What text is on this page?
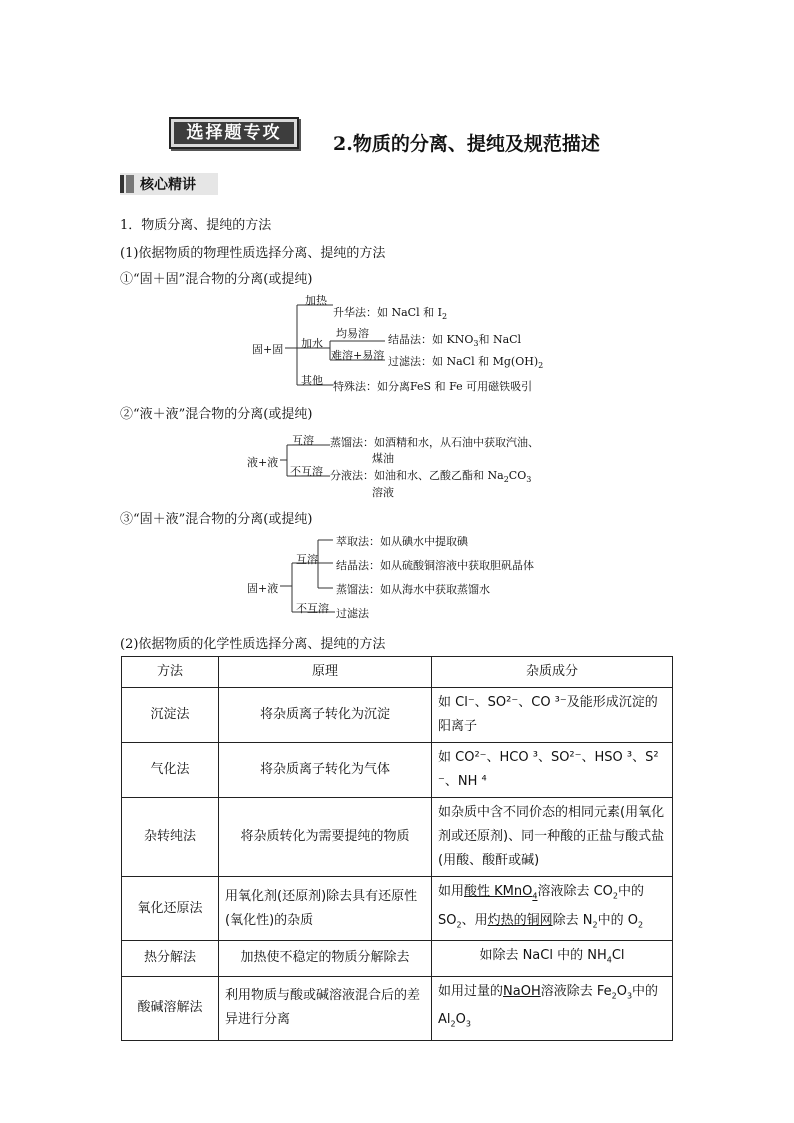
选择题专攻	2.物质的分离、提纯及规范描述
核心精讲
1．物质分离、提纯的方法
(1)依据物质的物理性质选择分离、提纯的方法
①“固＋固”混合物的分离(或提纯)
固+固
加热
加水
其他
均易溶
难溶+易溶
升华法：如 NaCl 和 $I_2$
结晶法：如 $KNO_3$和 NaCl
过滤法：如 NaCl 和 $Mg(OH)_2$
特殊法：如分离FeS 和 Fe 可用磁铁吸引
②“液＋液”混合物的分离(或提纯)
液+液
互溶
不互溶
蒸馏法：如酒精和水，从石油中获取汽油、
煤油
分液法：如油和水、乙酸乙酯和 $Na_2CO_3$
溶液
③“固＋液”混合物的分离(或提纯)
固+液
互溶
不互溶
萃取法：如从碘水中提取碘
结晶法：如从硫酸铜溶液中获取胆矾晶体
蒸馏法：如从海水中获取蒸馏水
过滤法
(2)依据物质的化学性质选择分离、提纯的方法
方法	原理	杂质成分
沉淀法	将杂质离子转化为沉淀	如 Cl⁻、SO²⁻、CO ³⁻及能形成沉淀的阳离子
气化法	将杂质离子转化为气体	如 CO²⁻、HCO ³、SO²⁻、HSO ³、S² ⁻、NH ⁴
杂转纯法	将杂质转化为需要提纯的物质	如杂质中含不同价态的相同元素(用氧化剂或还原剂)、同一种酸的正盐与酸式盐(用酸、酸酐或碱)
氧化还原法	用氧化剂(还原剂)除去具有还原性(氧化性)的杂质	如用酸性 KMnO$_4$溶液除去 $CO_2$中的
$SO_2$、用灼热的铜网除去 $N_2$中的 $O_2$
热分解法	加热使不稳定的物质分解除去	如除去 NaCl 中的 $NH_4Cl$
酸碱溶解法	利用物质与酸或碱溶液混合后的差异进行分离	如用过量的NaOH溶液除去 $Fe_2O_3$中的
$Al_2O_3$
